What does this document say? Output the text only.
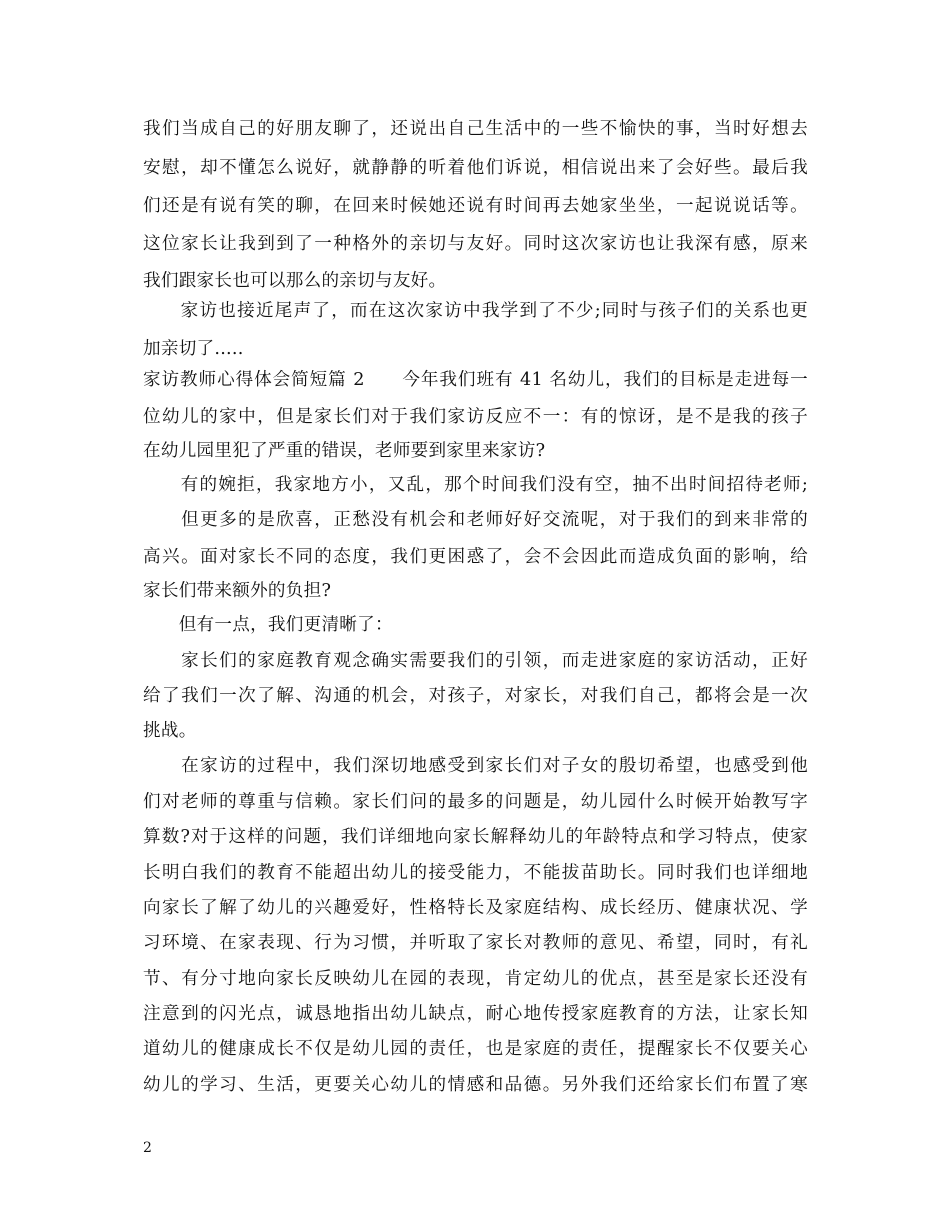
我们当成自己的好朋友聊了，还说出自己生活中的一些不愉快的事，当时好想去
安慰，却不懂怎么说好，就静静的听着他们诉说，相信说出来了会好些。最后我
们还是有说有笑的聊，在回来时候她还说有时间再去她家坐坐，一起说说话等。
这位家长让我到到了一种格外的亲切与友好。同时这次家访也让我深有感，原来
我们跟家长也可以那么的亲切与友好。
　　家访也接近尾声了，而在这次家访中我学到了不少;同时与孩子们的关系也更
加亲切了.....
家访教师心得体会简短篇 2　　今年我们班有 41 名幼儿，我们的目标是走进每一
位幼儿的家中，但是家长们对于我们家访反应不一：有的惊讶，是不是我的孩子
在幼儿园里犯了严重的错误，老师要到家里来家访?
　　有的婉拒，我家地方小，又乱，那个时间我们没有空，抽不出时间招待老师;
　　但更多的是欣喜，正愁没有机会和老师好好交流呢，对于我们的到来非常的
高兴。面对家长不同的态度，我们更困惑了，会不会因此而造成负面的影响，给
家长们带来额外的负担?
　　但有一点，我们更清晰了：
　　家长们的家庭教育观念确实需要我们的引领，而走进家庭的家访活动，正好
给了我们一次了解、沟通的机会，对孩子，对家长，对我们自己，都将会是一次
挑战。
　　在家访的过程中，我们深切地感受到家长们对子女的殷切希望，也感受到他
们对老师的尊重与信赖。家长们问的最多的问题是，幼儿园什么时候开始教写字
算数?对于这样的问题，我们详细地向家长解释幼儿的年龄特点和学习特点，使家
长明白我们的教育不能超出幼儿的接受能力，不能拔苗助长。同时我们也详细地
向家长了解了幼儿的兴趣爱好，性格特长及家庭结构、成长经历、健康状况、学
习环境、在家表现、行为习惯，并听取了家长对教师的意见、希望，同时，有礼
节、有分寸地向家长反映幼儿在园的表现，肯定幼儿的优点，甚至是家长还没有
注意到的闪光点，诚恳地指出幼儿缺点，耐心地传授家庭教育的方法，让家长知
道幼儿的健康成长不仅是幼儿园的责任，也是家庭的责任，提醒家长不仅要关心
幼儿的学习、生活，更要关心幼儿的情感和品德。另外我们还给家长们布置了寒
2
